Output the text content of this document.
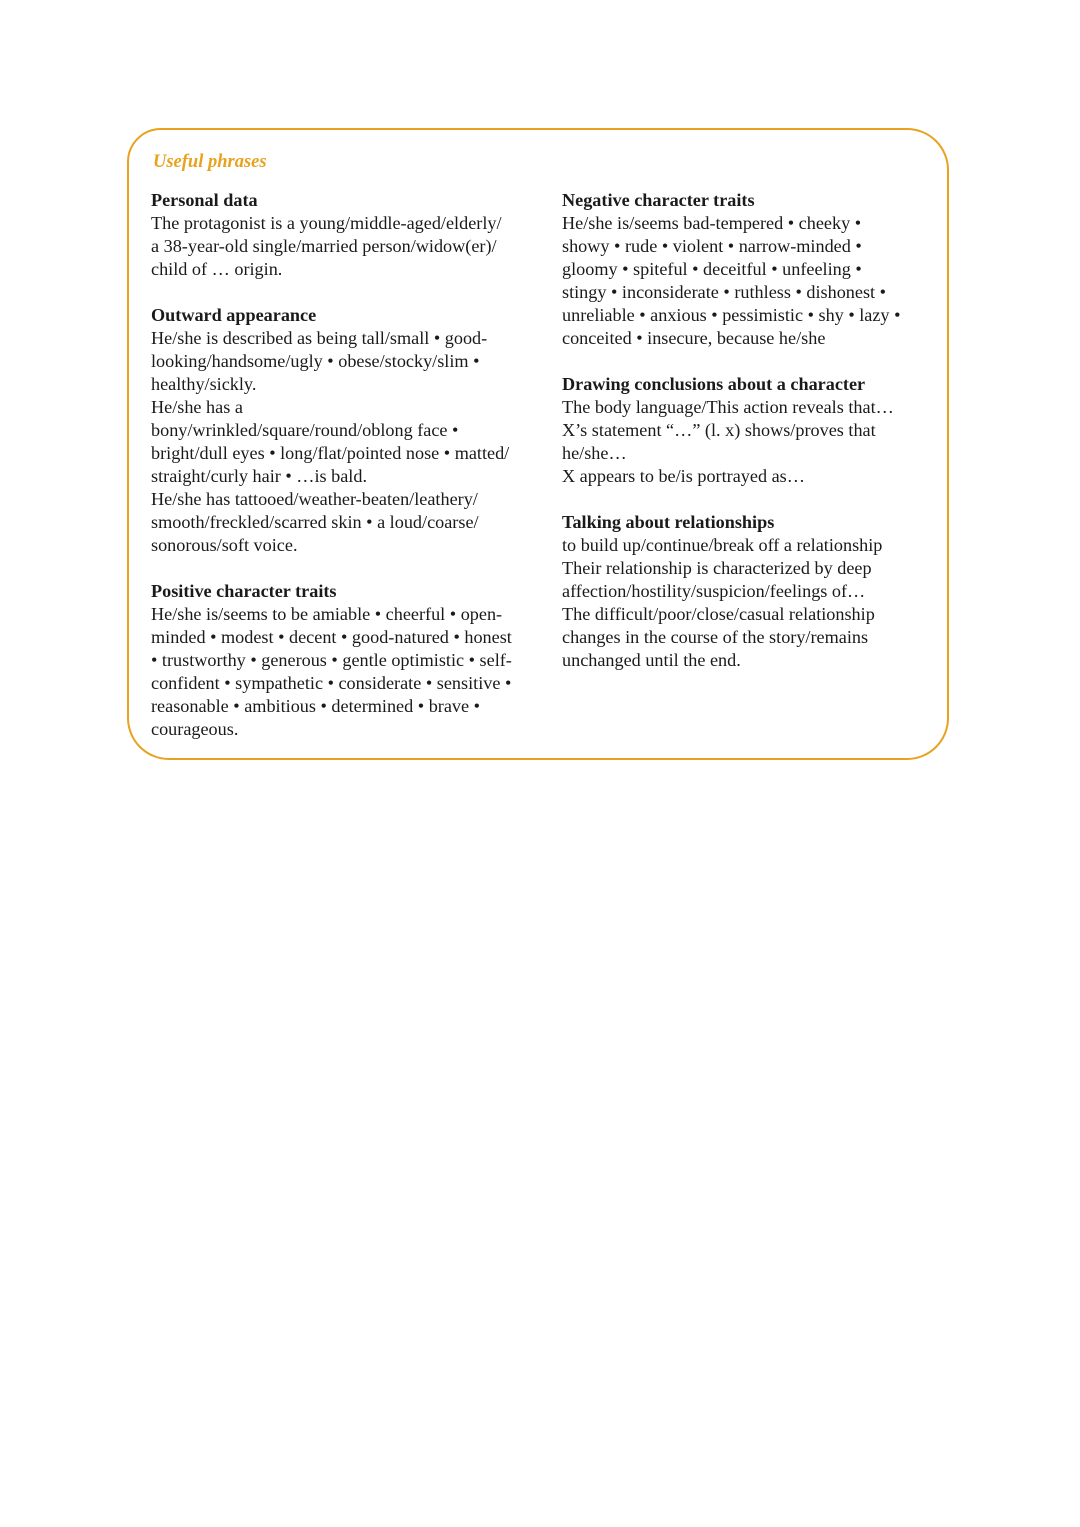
Useful phrases
Personal data
The protagonist is a young/middle-aged/elderly/
a 38-year-old single/married person/widow(er)/
child of … origin.
Outward appearance
He/she is described as being tall/small • good-
looking/handsome/ugly • obese/stocky/slim •
healthy/sickly.
He/she has a
bony/wrinkled/square/round/oblong face •
bright/dull eyes • long/flat/pointed nose • matted/
straight/curly hair • …is bald.
He/she has tattooed/weather-beaten/leathery/
smooth/freckled/scarred skin • a loud/coarse/
sonorous/soft voice.
Positive character traits
He/she is/seems to be amiable • cheerful • open-
minded • modest • decent • good-natured • honest
• trustworthy • generous • gentle optimistic • self-
confident • sympathetic • considerate • sensitive •
reasonable • ambitious • determined • brave •
courageous.
Negative character traits
He/she is/seems bad-tempered • cheeky •
showy • rude • violent • narrow-minded •
gloomy • spiteful • deceitful • unfeeling •
stingy • inconsiderate • ruthless • dishonest •
unreliable • anxious • pessimistic • shy • lazy •
conceited • insecure, because he/she
Drawing conclusions about a character
The body language/This action reveals that…
X’s statement “…” (l. x) shows/proves that
he/she…
X appears to be/is portrayed as…
Talking about relationships
to build up/continue/break off a relationship
Their relationship is characterized by deep
affection/hostility/suspicion/feelings of…
The difficult/poor/close/casual relationship
changes in the course of the story/remains
unchanged until the end.
